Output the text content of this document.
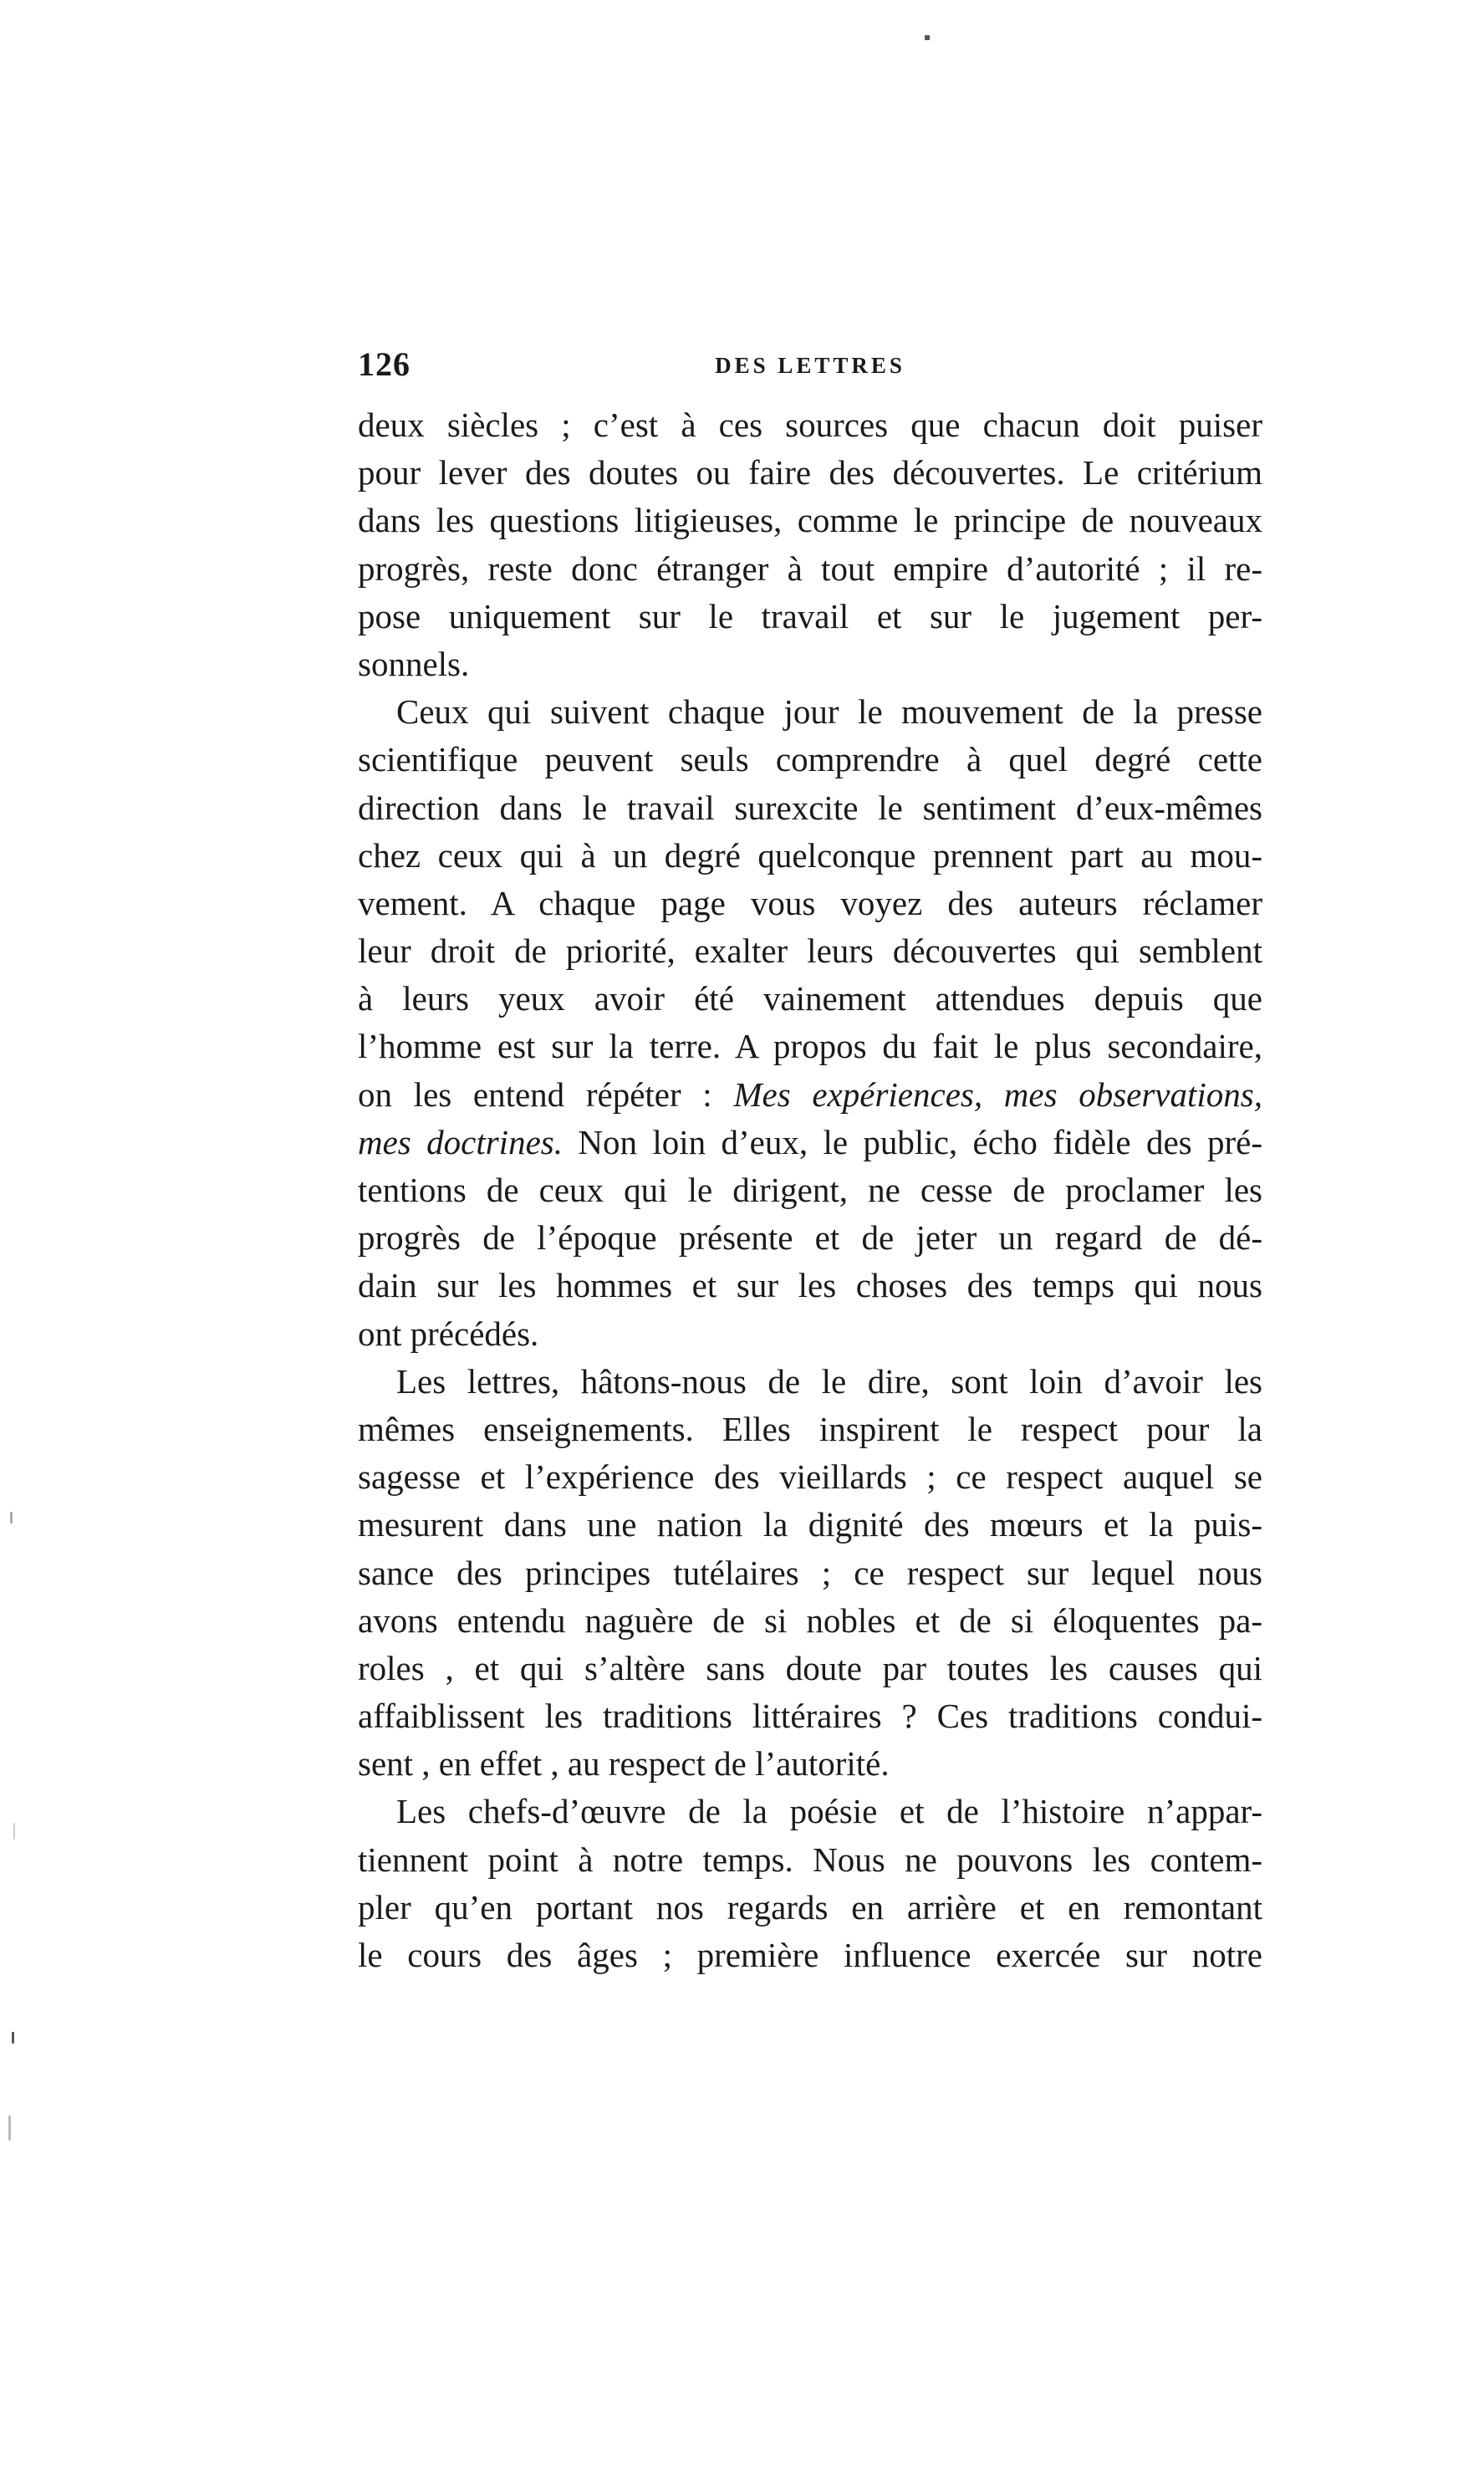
126	DES LETTRES
deux siècles ; c’est à ces sources que chacun doit puiser
pour lever des doutes ou faire des découvertes. Le critérium
dans les questions litigieuses, comme le principe de nouveaux
progrès, reste donc étranger à tout empire d’autorité ; il re-
pose uniquement sur le travail et sur le jugement per-
sonnels.
Ceux qui suivent chaque jour le mouvement de la presse
scientifique peuvent seuls comprendre à quel degré cette
direction dans le travail surexcite le sentiment d’eux-mêmes
chez ceux qui à un degré quelconque prennent part au mou-
vement. A chaque page vous voyez des auteurs réclamer
leur droit de priorité, exalter leurs découvertes qui semblent
à leurs yeux avoir été vainement attendues depuis que
l’homme est sur la terre. A propos du fait le plus secondaire,
on les entend répéter : Mes expériences, mes observations,
mes doctrines. Non loin d’eux, le public, écho fidèle des pré-
tentions de ceux qui le dirigent, ne cesse de proclamer les
progrès de l’époque présente et de jeter un regard de dé-
dain sur les hommes et sur les choses des temps qui nous
ont précédés.
Les lettres, hâtons-nous de le dire, sont loin d’avoir les
mêmes enseignements. Elles inspirent le respect pour la
sagesse et l’expérience des vieillards ; ce respect auquel se
mesurent dans une nation la dignité des mœurs et la puis-
sance des principes tutélaires ; ce respect sur lequel nous
avons entendu naguère de si nobles et de si éloquentes pa-
roles , et qui s’altère sans doute par toutes les causes qui
affaiblissent les traditions littéraires ? Ces traditions condui-
sent , en effet , au respect de l’autorité.
Les chefs-d’œuvre de la poésie et de l’histoire n’appar-
tiennent point à notre temps. Nous ne pouvons les contem-
pler qu’en portant nos regards en arrière et en remontant
le cours des âges ; première influence exercée sur notre
